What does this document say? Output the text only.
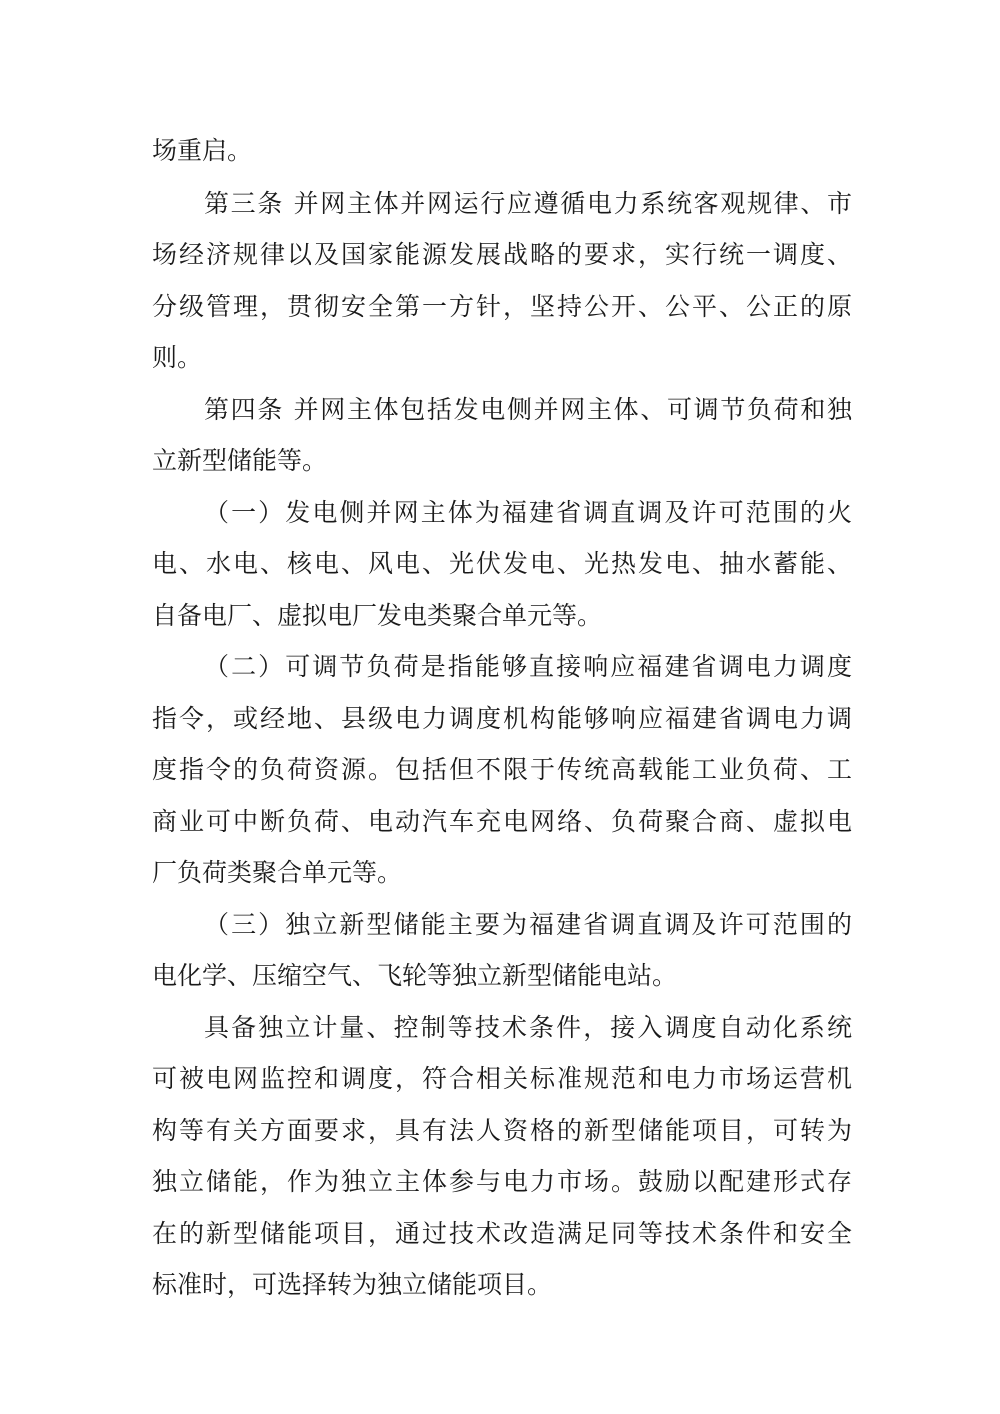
场重启。
第三条 并网主体并网运行应遵循电力系统客观规律、市
场经济规律以及国家能源发展战略的要求，实行统一调度、
分级管理，贯彻安全第一方针，坚持公开、公平、公正的原
则。
第四条 并网主体包括发电侧并网主体、可调节负荷和独
立新型储能等。
（一）发电侧并网主体为福建省调直调及许可范围的火
电、水电、核电、风电、光伏发电、光热发电、抽水蓄能、
自备电厂、虚拟电厂发电类聚合单元等。
（二）可调节负荷是指能够直接响应福建省调电力调度
指令，或经地、县级电力调度机构能够响应福建省调电力调
度指令的负荷资源。包括但不限于传统高载能工业负荷、工
商业可中断负荷、电动汽车充电网络、负荷聚合商、虚拟电
厂负荷类聚合单元等。
（三）独立新型储能主要为福建省调直调及许可范围的
电化学、压缩空气、飞轮等独立新型储能电站。
具备独立计量、控制等技术条件，接入调度自动化系统
可被电网监控和调度，符合相关标准规范和电力市场运营机
构等有关方面要求，具有法人资格的新型储能项目，可转为
独立储能，作为独立主体参与电力市场。鼓励以配建形式存
在的新型储能项目，通过技术改造满足同等技术条件和安全
标准时，可选择转为独立储能项目。
